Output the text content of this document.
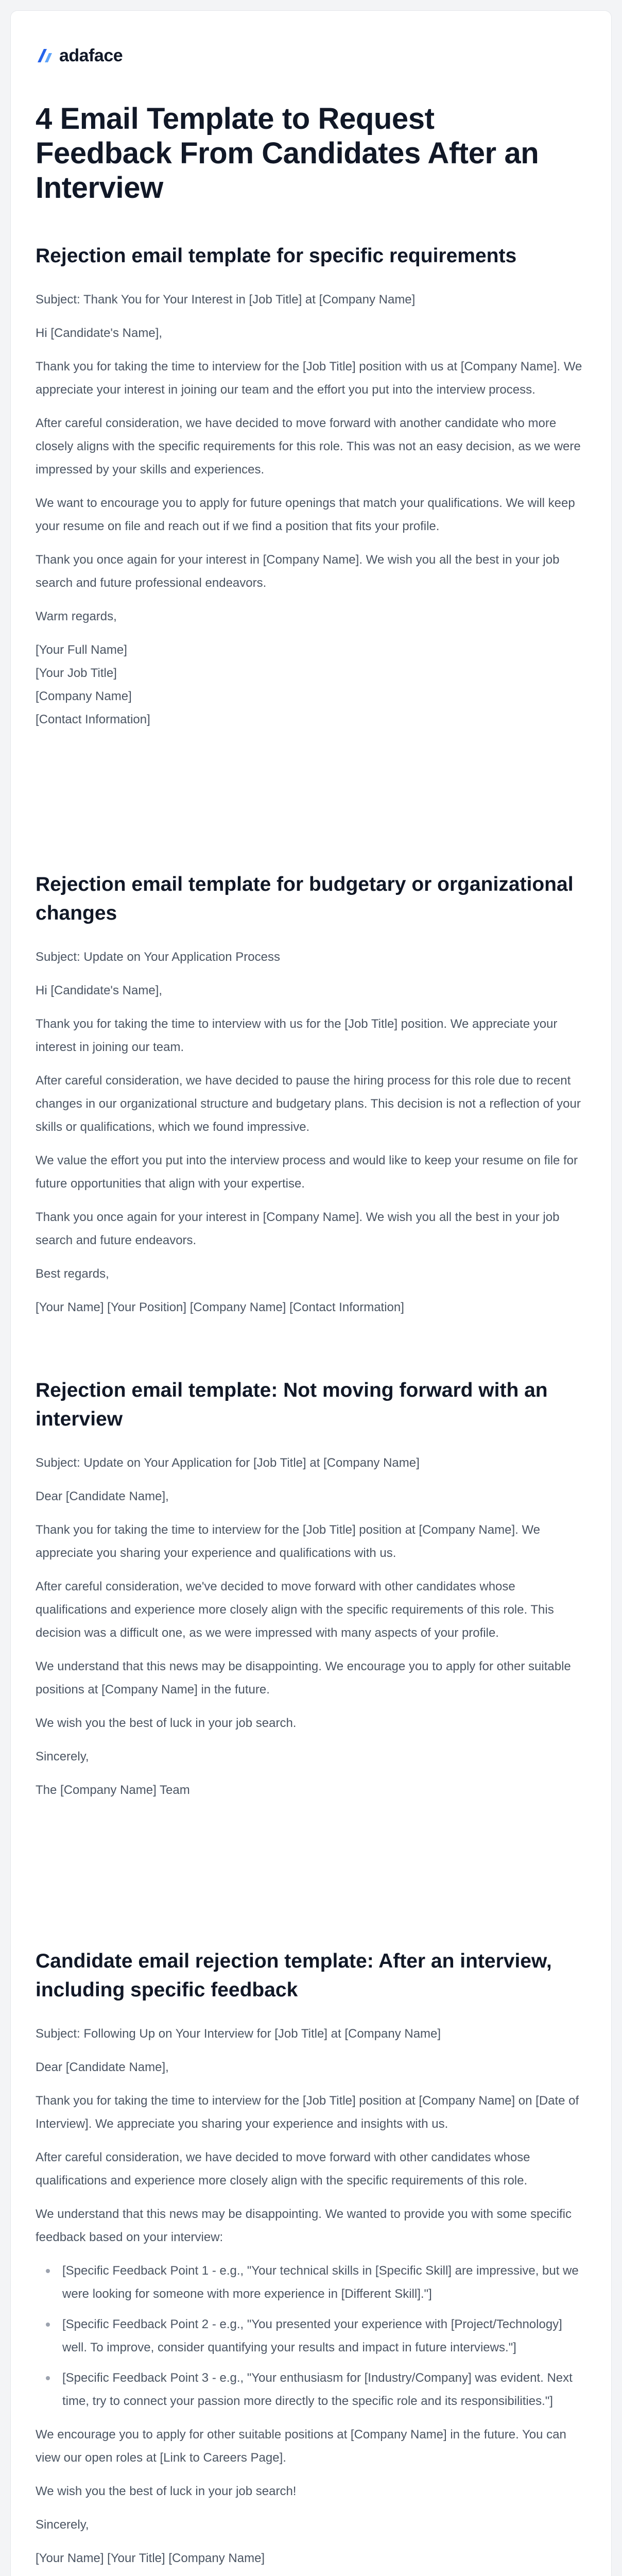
adaface
4 Email Template to Request Feedback From Candidates After an Interview
Rejection email template for specific requirements

Subject: Thank You for Your Interest in [Job Title] at [Company Name]

Hi [Candidate's Name],

Thank you for taking the time to interview for the [Job Title] position with us at [Company Name]. We appreciate your interest in joining our team and the effort you put into the interview process.

After careful consideration, we have decided to move forward with another candidate who more closely aligns with the specific requirements for this role. This was not an easy decision, as we were impressed by your skills and experiences.

We want to encourage you to apply for future openings that match your qualifications. We will keep your resume on file and reach out if we find a position that fits your profile.

Thank you once again for your interest in [Company Name]. We wish you all the best in your job search and future professional endeavors.

Warm regards,

[Your Full Name]

[Your Job Title]

[Company Name]

[Contact Information]

Rejection email template for budgetary or organizational changes

Subject: Update on Your Application Process

Hi [Candidate's Name],

Thank you for taking the time to interview with us for the [Job Title] position. We appreciate your interest in joining our team.

After careful consideration, we have decided to pause the hiring process for this role due to recent changes in our organizational structure and budgetary plans. This decision is not a reflection of your skills or qualifications, which we found impressive.

We value the effort you put into the interview process and would like to keep your resume on file for future opportunities that align with your expertise.

Thank you once again for your interest in [Company Name]. We wish you all the best in your job search and future endeavors.

Best regards,

[Your Name] [Your Position] [Company Name] [Contact Information]

Rejection email template: Not moving forward with an interview

Subject: Update on Your Application for [Job Title] at [Company Name]

Dear [Candidate Name],

Thank you for taking the time to interview for the [Job Title] position at [Company Name]. We appreciate you sharing your experience and qualifications with us.

After careful consideration, we've decided to move forward with other candidates whose qualifications and experience more closely align with the specific requirements of this role. This decision was a difficult one, as we were impressed with many aspects of your profile.

We understand that this news may be disappointing. We encourage you to apply for other suitable positions at [Company Name] in the future.

We wish you the best of luck in your job search.

Sincerely,

The [Company Name] Team

Candidate email rejection template: After an interview, including specific feedback

Subject: Following Up on Your Interview for [Job Title] at [Company Name]

Dear [Candidate Name],

Thank you for taking the time to interview for the [Job Title] position at [Company Name] on [Date of Interview]. We appreciate you sharing your experience and insights with us.

After careful consideration, we have decided to move forward with other candidates whose qualifications and experience more closely align with the specific requirements of this role.

We understand that this news may be disappointing. We wanted to provide you with some specific feedback based on your interview:

[Specific Feedback Point 1 - e.g., "Your technical skills in [Specific Skill] are impressive, but we were looking for someone with more experience in [Different Skill]."]
[Specific Feedback Point 2 - e.g., "You presented your experience with [Project/Technology] well. To improve, consider quantifying your results and impact in future interviews."]
[Specific Feedback Point 3 - e.g., "Your enthusiasm for [Industry/Company] was evident. Next time, try to connect your passion more directly to the specific role and its responsibilities."]

We encourage you to apply for other suitable positions at [Company Name] in the future. You can view our open roles at [Link to Careers Page].

We wish you the best of luck in your job search!

Sincerely,

[Your Name] [Your Title] [Company Name]
